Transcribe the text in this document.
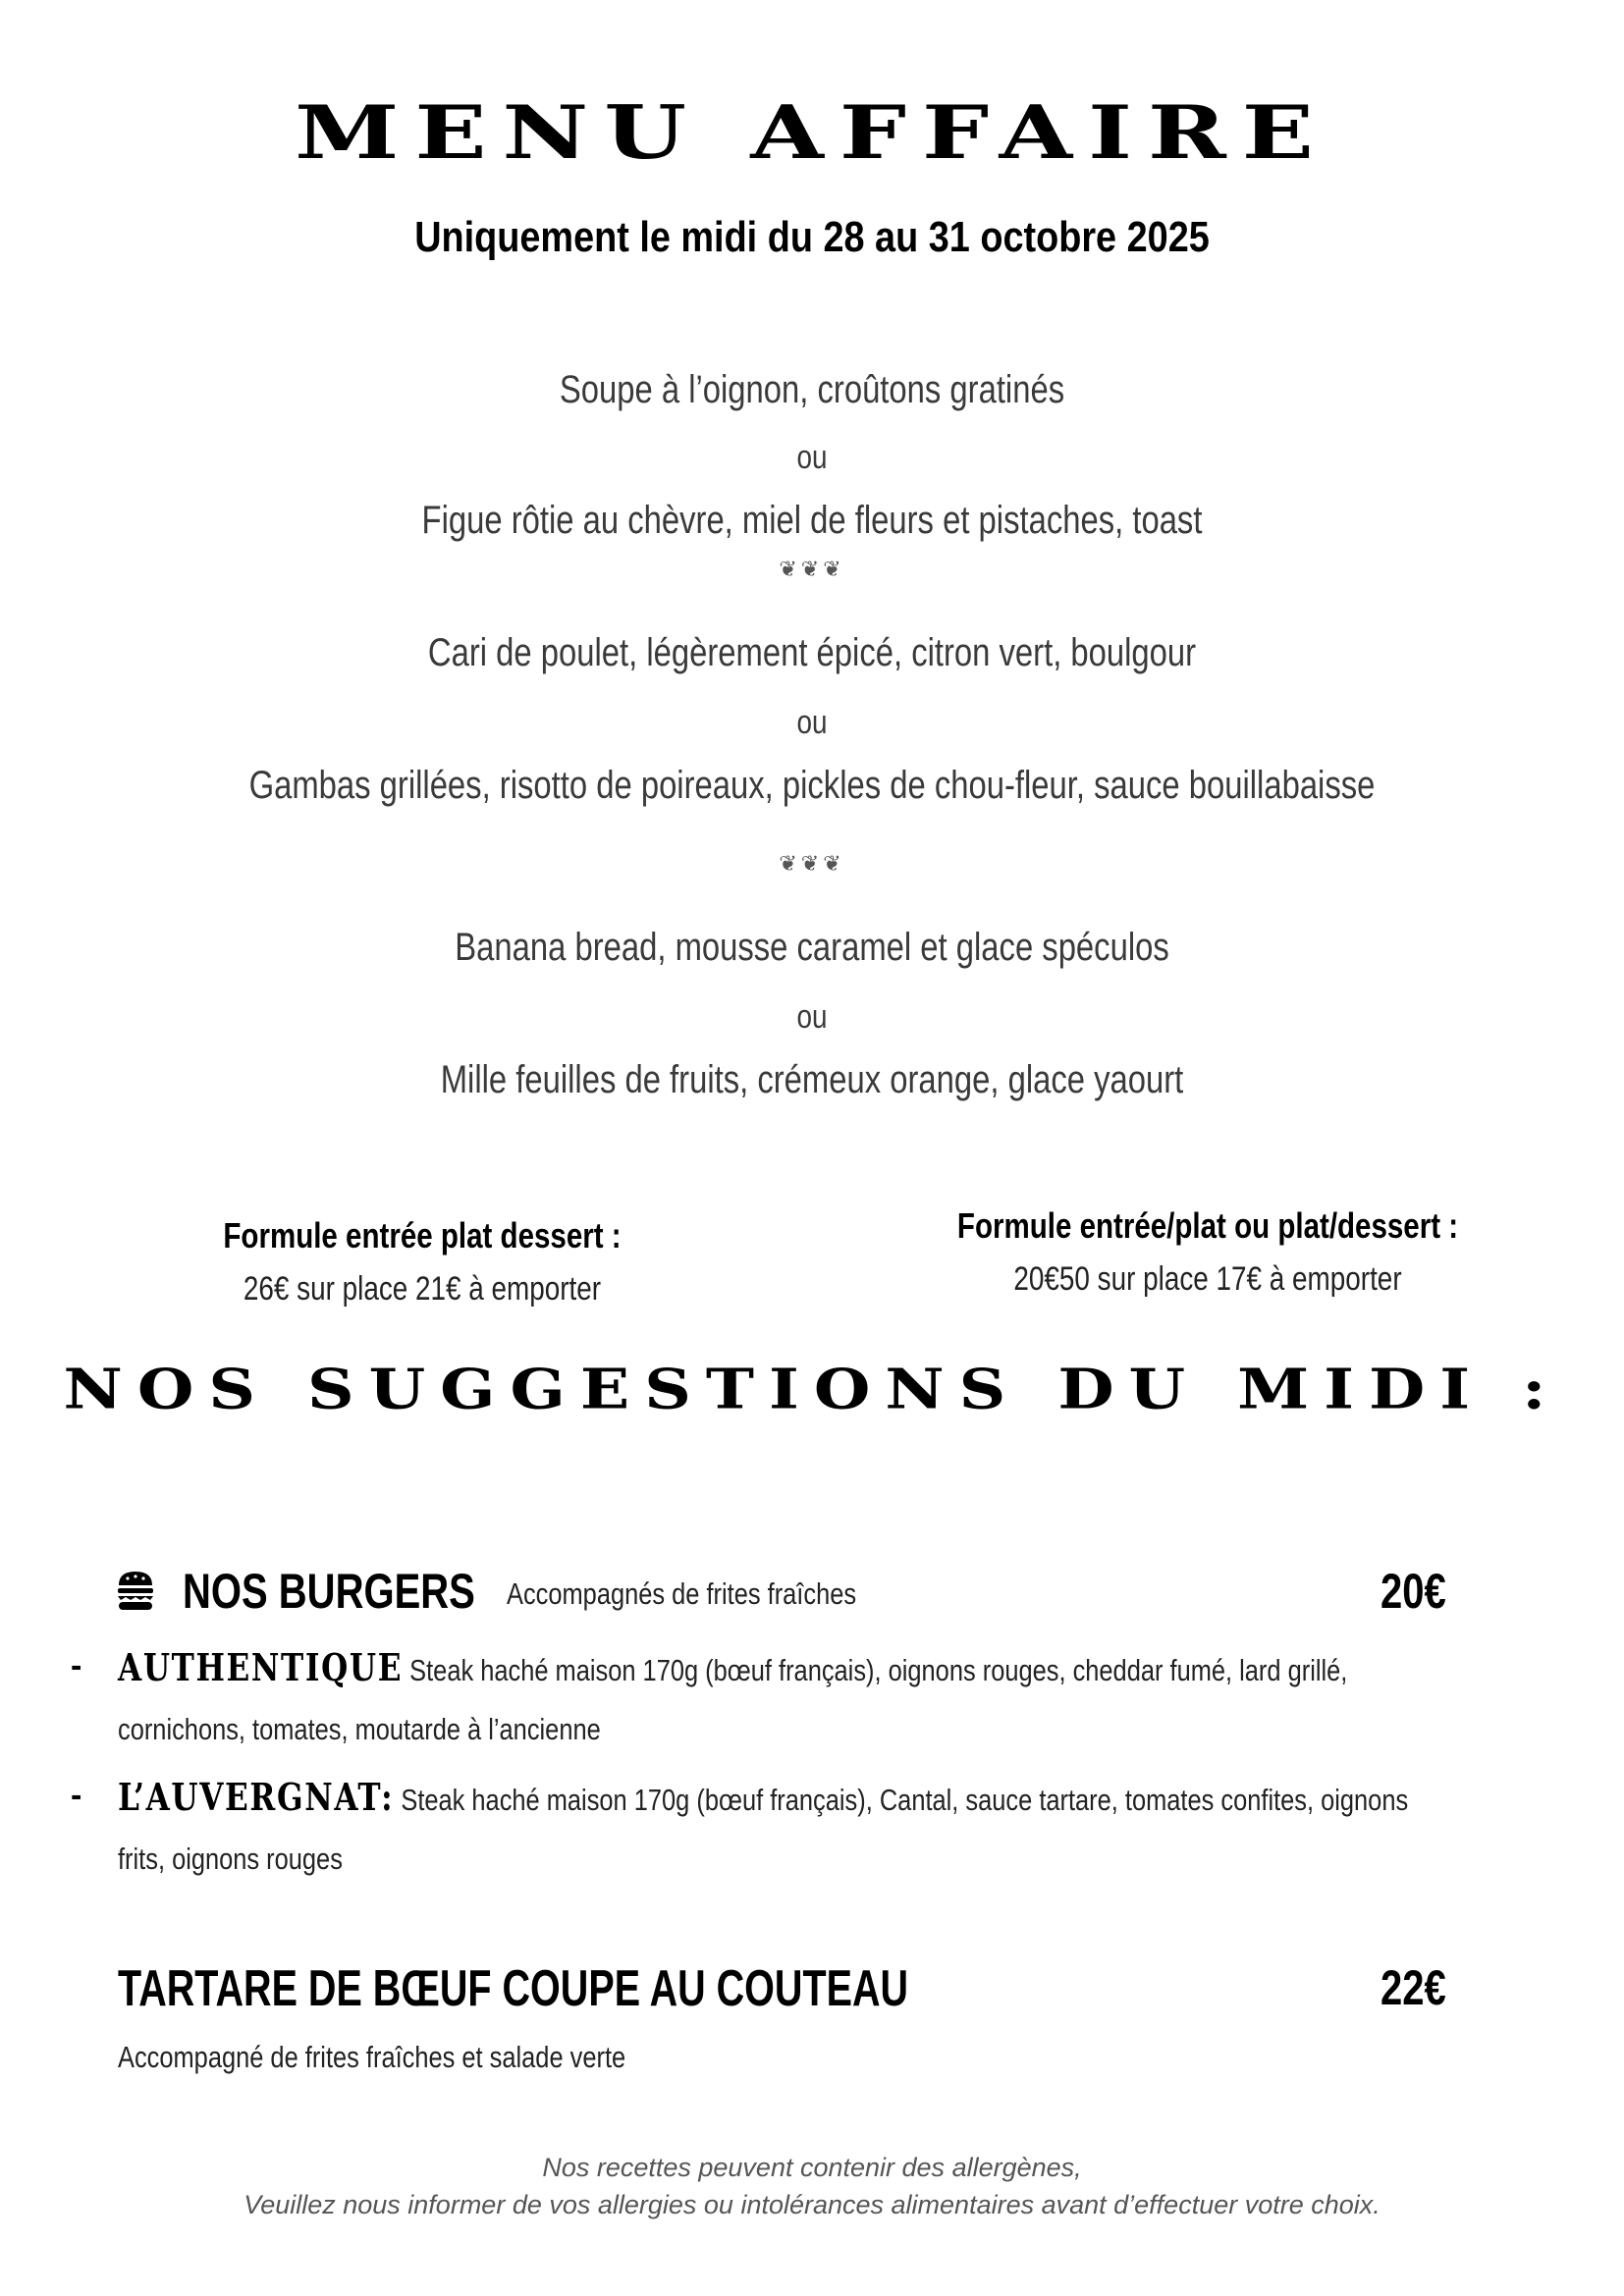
MENU AFFAIRE
Uniquement le midi du 28 au 31 octobre 2025
Soupe à l’oignon, croûtons gratinés
ou
Figue rôtie au chèvre, miel de fleurs et pistaches, toast
❦❦❦
Cari de poulet, légèrement épicé, citron vert, boulgour
ou
Gambas grillées, risotto de poireaux, pickles de chou-fleur, sauce bouillabaisse
❦❦❦
Banana bread, mousse caramel et glace spéculos
ou
Mille feuilles de fruits, crémeux orange, glace yaourt
Formule entrée plat dessert :
26€ sur place 21€ à emporter
Formule entrée/plat ou plat/dessert :
20€50 sur place 17€ à emporter
NOS SUGGESTIONS DU MIDI :
NOS BURGERS Accompagnés de frites fraîches	20€
- AUTHENTIQUE Steak haché maison 170g (bœuf français), oignons rouges, cheddar fumé, lard grillé,
cornichons, tomates, moutarde à l’ancienne
- L’AUVERGNAT: Steak haché maison 170g (bœuf français), Cantal, sauce tartare, tomates confites, oignons
frits, oignons rouges
TARTARE DE BŒUF COUPE AU COUTEAU	22€
Accompagné de frites fraîches et salade verte
Nos recettes peuvent contenir des allergènes,
Veuillez nous informer de vos allergies ou intolérances alimentaires avant d’effectuer votre choix.
